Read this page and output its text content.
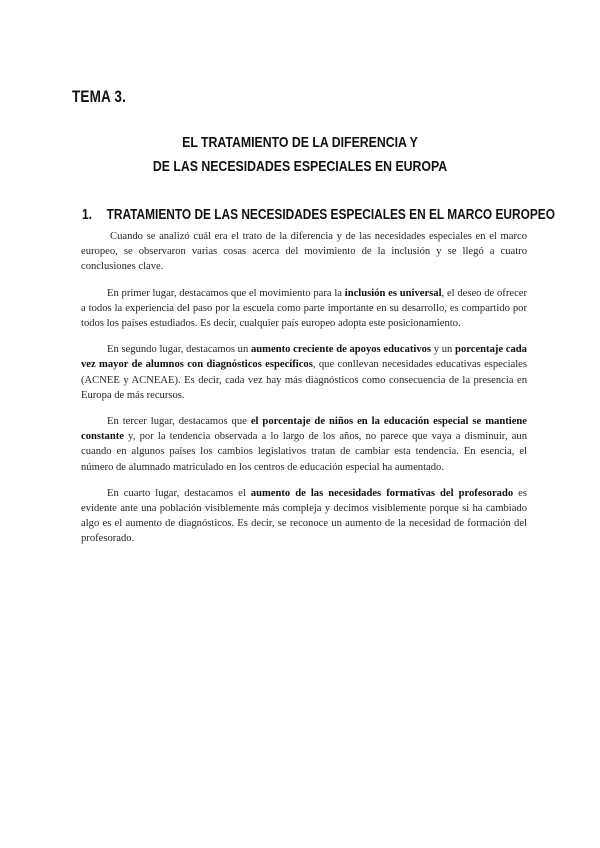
TEMA 3.
EL TRATAMIENTO DE LA DIFERENCIA Y
DE LAS NECESIDADES ESPECIALES EN EUROPA
1. TRATAMIENTO DE LAS NECESIDADES ESPECIALES EN EL MARCO EUROPEO

Cuando se analizó cuál era el trato de la diferencia y de las necesidades especiales en el marco europeo, se observaron varias cosas acerca del movimiento de la inclusión y se llegó a cuatro conclusiones clave.

En primer lugar, destacamos que el movimiento para la inclusión es universal, el deseo de ofrecer a todos la experiencia del paso por la escuela como parte importante en su desarrollo, es compartido por todos los países estudiados. Es decir, cualquier país europeo adopta este posicionamiento.

En segundo lugar, destacamos un aumento creciente de apoyos educativos y un porcentaje cada vez mayor de alumnos con diagnósticos específicos, que conllevan necesidades educativas especiales (ACNEE y ACNEAE). Es decir, cada vez hay más diagnósticos como consecuencia de la presencia en Europa de más recursos.

En tercer lugar, destacamos que el porcentaje de niños en la educación especial se mantiene constante y, por la tendencia observada a lo largo de los años, no parece que vaya a disminuir, aun cuando en algunos países los cambios legislativos tratan de cambiar esta tendencia. En esencia, el número de alumnado matriculado en los centros de educación especial ha aumentado.

En cuarto lugar, destacamos el aumento de las necesidades formativas del profesorado es evidente ante una población visiblemente más compleja y decimos visiblemente porque si ha cambiado algo es el aumento de diagnósticos. Es decir, se reconoce un aumento de la necesidad de formación del profesorado.
